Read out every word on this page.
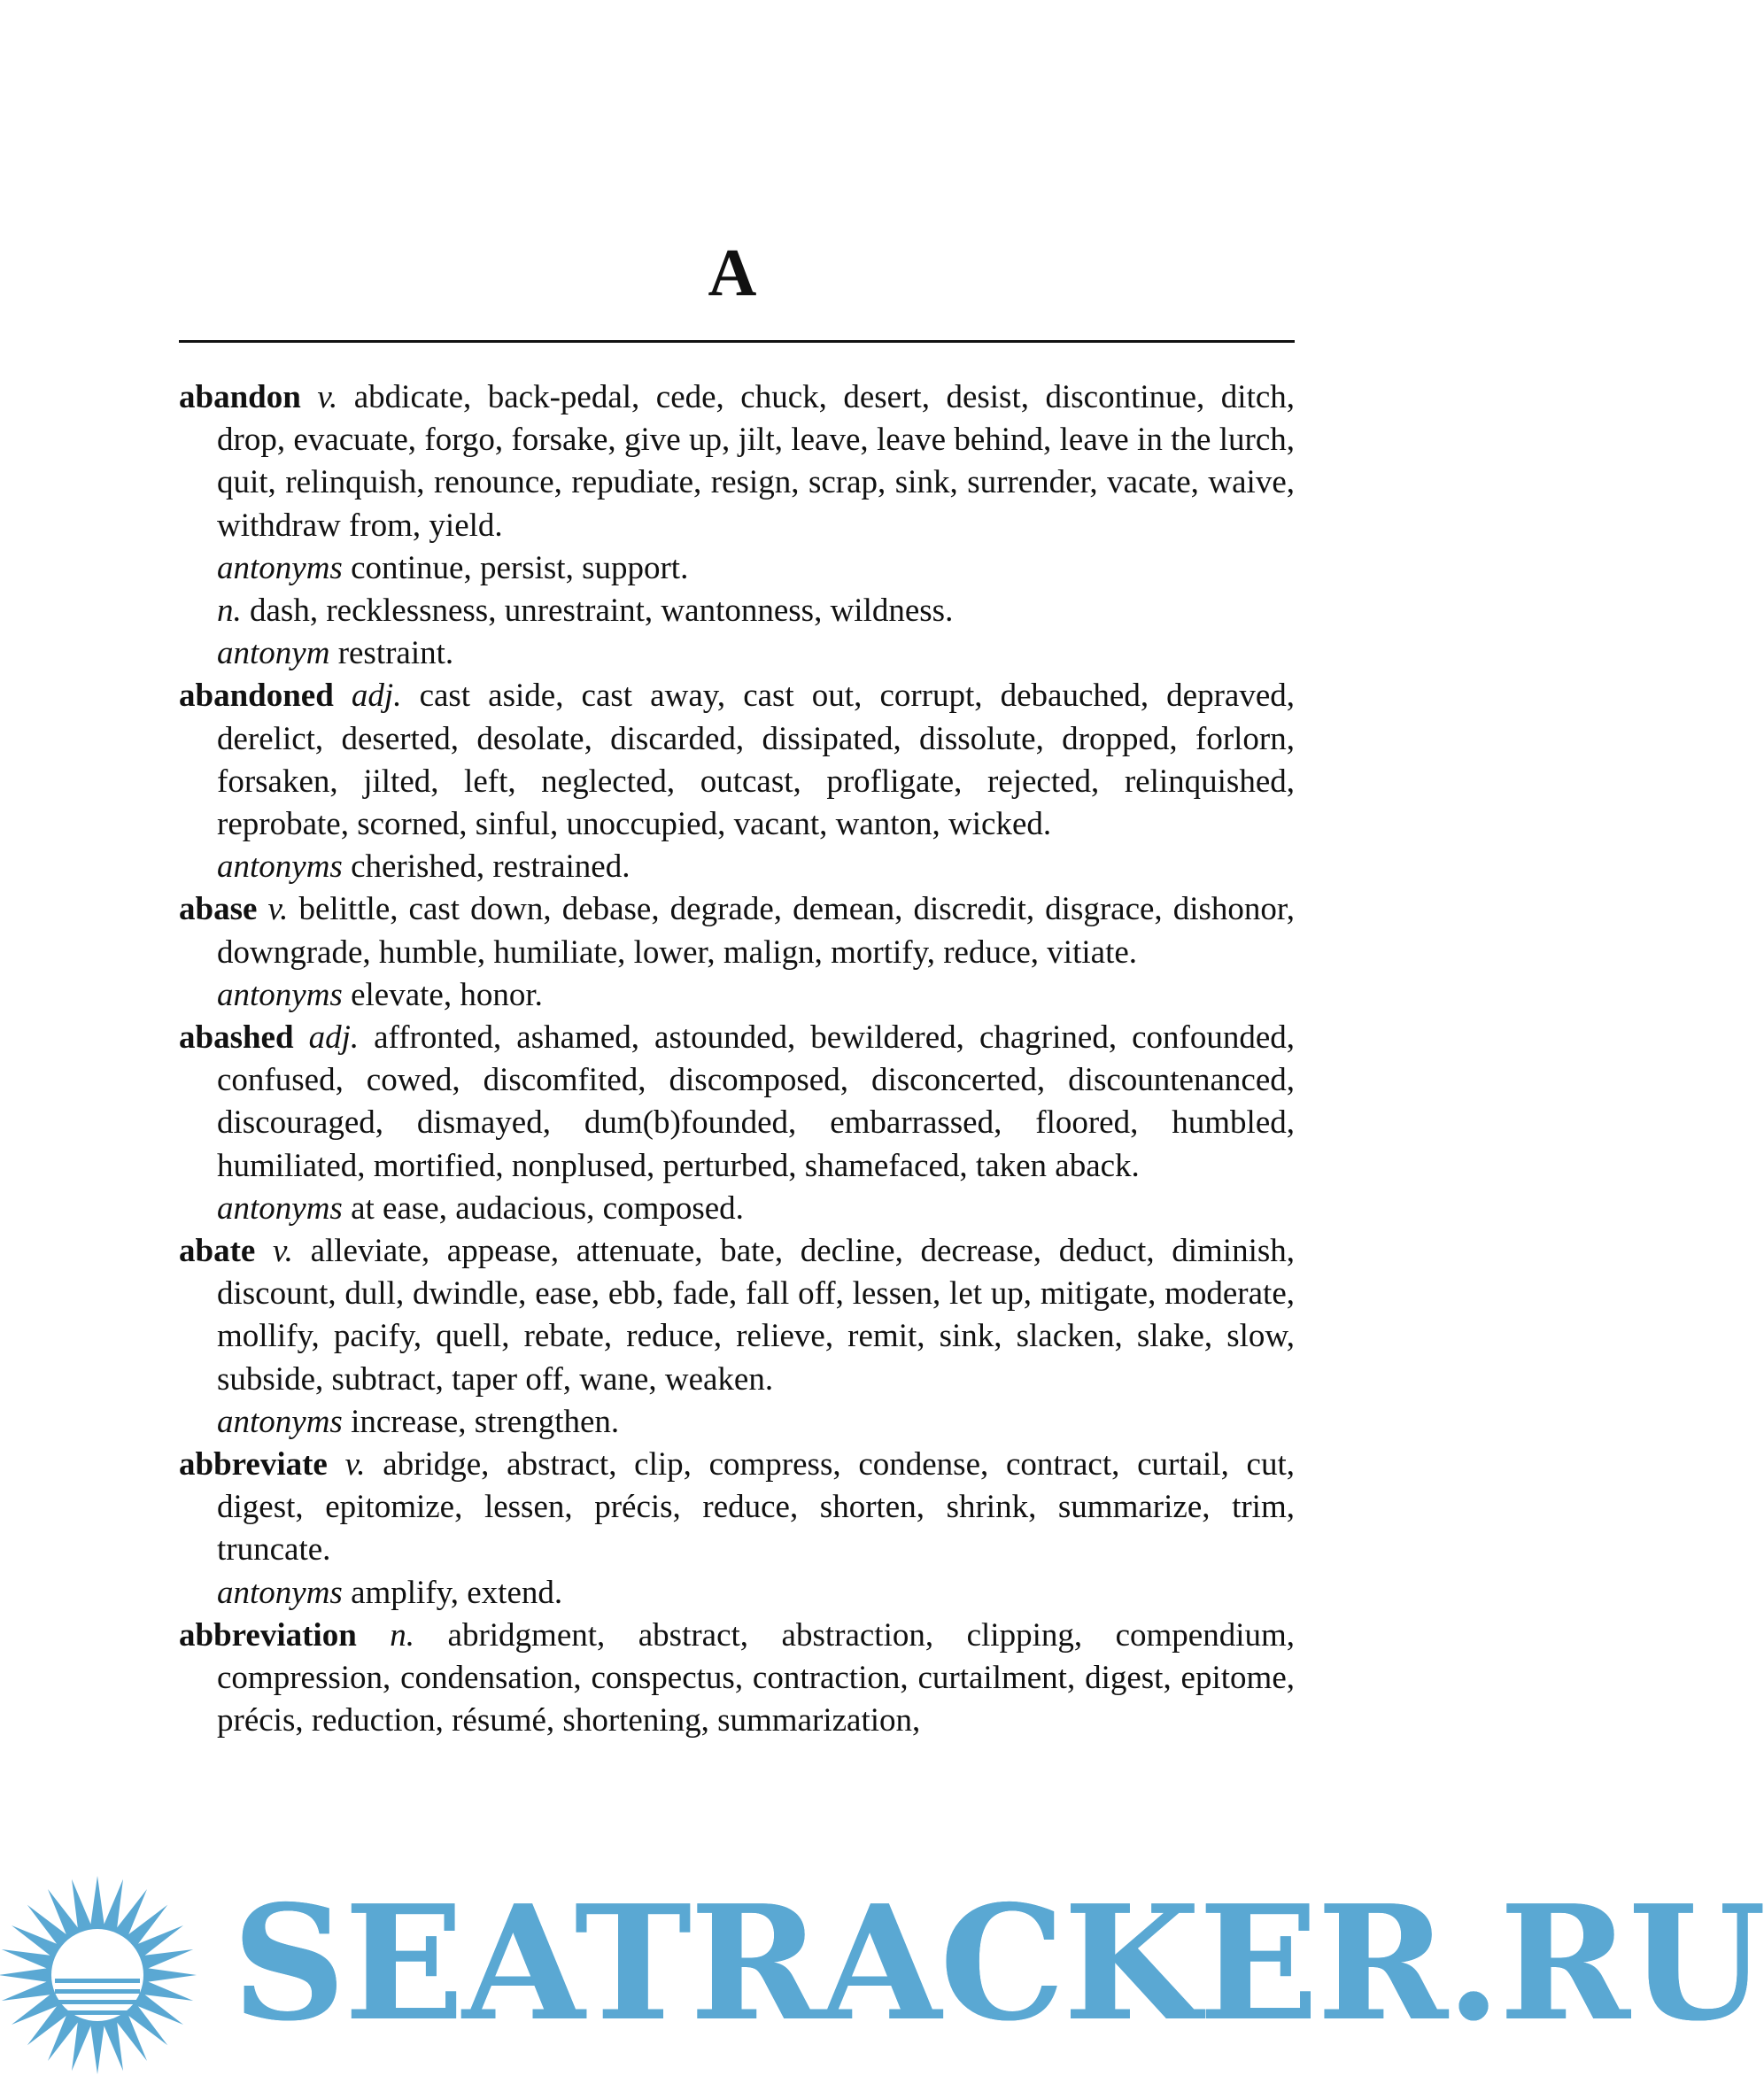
A
abandon v. abdicate, back-pedal, cede, chuck, desert, desist, discontinue, ditch, drop, evacuate, forgo, forsake, give up, jilt, leave, leave behind, leave in the lurch, quit, relinquish, renounce, repudiate, resign, scrap, sink, surrender, vacate, waive, withdraw from, yield.
antonyms continue, persist, support.
n. dash, recklessness, unrestraint, wantonness, wildness.
antonym restraint.
abandoned adj. cast aside, cast away, cast out, corrupt, debauched, depraved, derelict, deserted, desolate, discarded, dissipated, dissolute, dropped, forlorn, forsaken, jilted, left, neglected, outcast, profligate, rejected, relinquished, reprobate, scorned, sinful, unoccupied, vacant, wanton, wicked.
antonyms cherished, restrained.
abase v. belittle, cast down, debase, degrade, demean, discredit, disgrace, dishonor, downgrade, humble, humiliate, lower, malign, mortify, reduce, vitiate.
antonyms elevate, honor.
abashed adj. affronted, ashamed, astounded, bewildered, chagrined, confounded, confused, cowed, discomfited, discomposed, disconcerted, discountenanced, discouraged, dismayed, dum(b)founded, embarrassed, floored, humbled, humiliated, mortified, nonplused, perturbed, shamefaced, taken aback.
antonyms at ease, audacious, composed.
abate v. alleviate, appease, attenuate, bate, decline, decrease, deduct, diminish, discount, dull, dwindle, ease, ebb, fade, fall off, lessen, let up, mitigate, moderate, mollify, pacify, quell, rebate, reduce, relieve, remit, sink, slacken, slake, slow, subside, subtract, taper off, wane, weaken.
antonyms increase, strengthen.
abbreviate v. abridge, abstract, clip, compress, condense, contract, curtail, cut, digest, epitomize, lessen, précis, reduce, shorten, shrink, summarize, trim, truncate.
antonyms amplify, extend.
abbreviation n. abridgment, abstract, abstraction, clipping, compendium, compression, condensation, conspectus, contraction, curtailment, digest, epitome, précis, reduction, résumé, shortening, summarization,
SEATRACKER.RU
